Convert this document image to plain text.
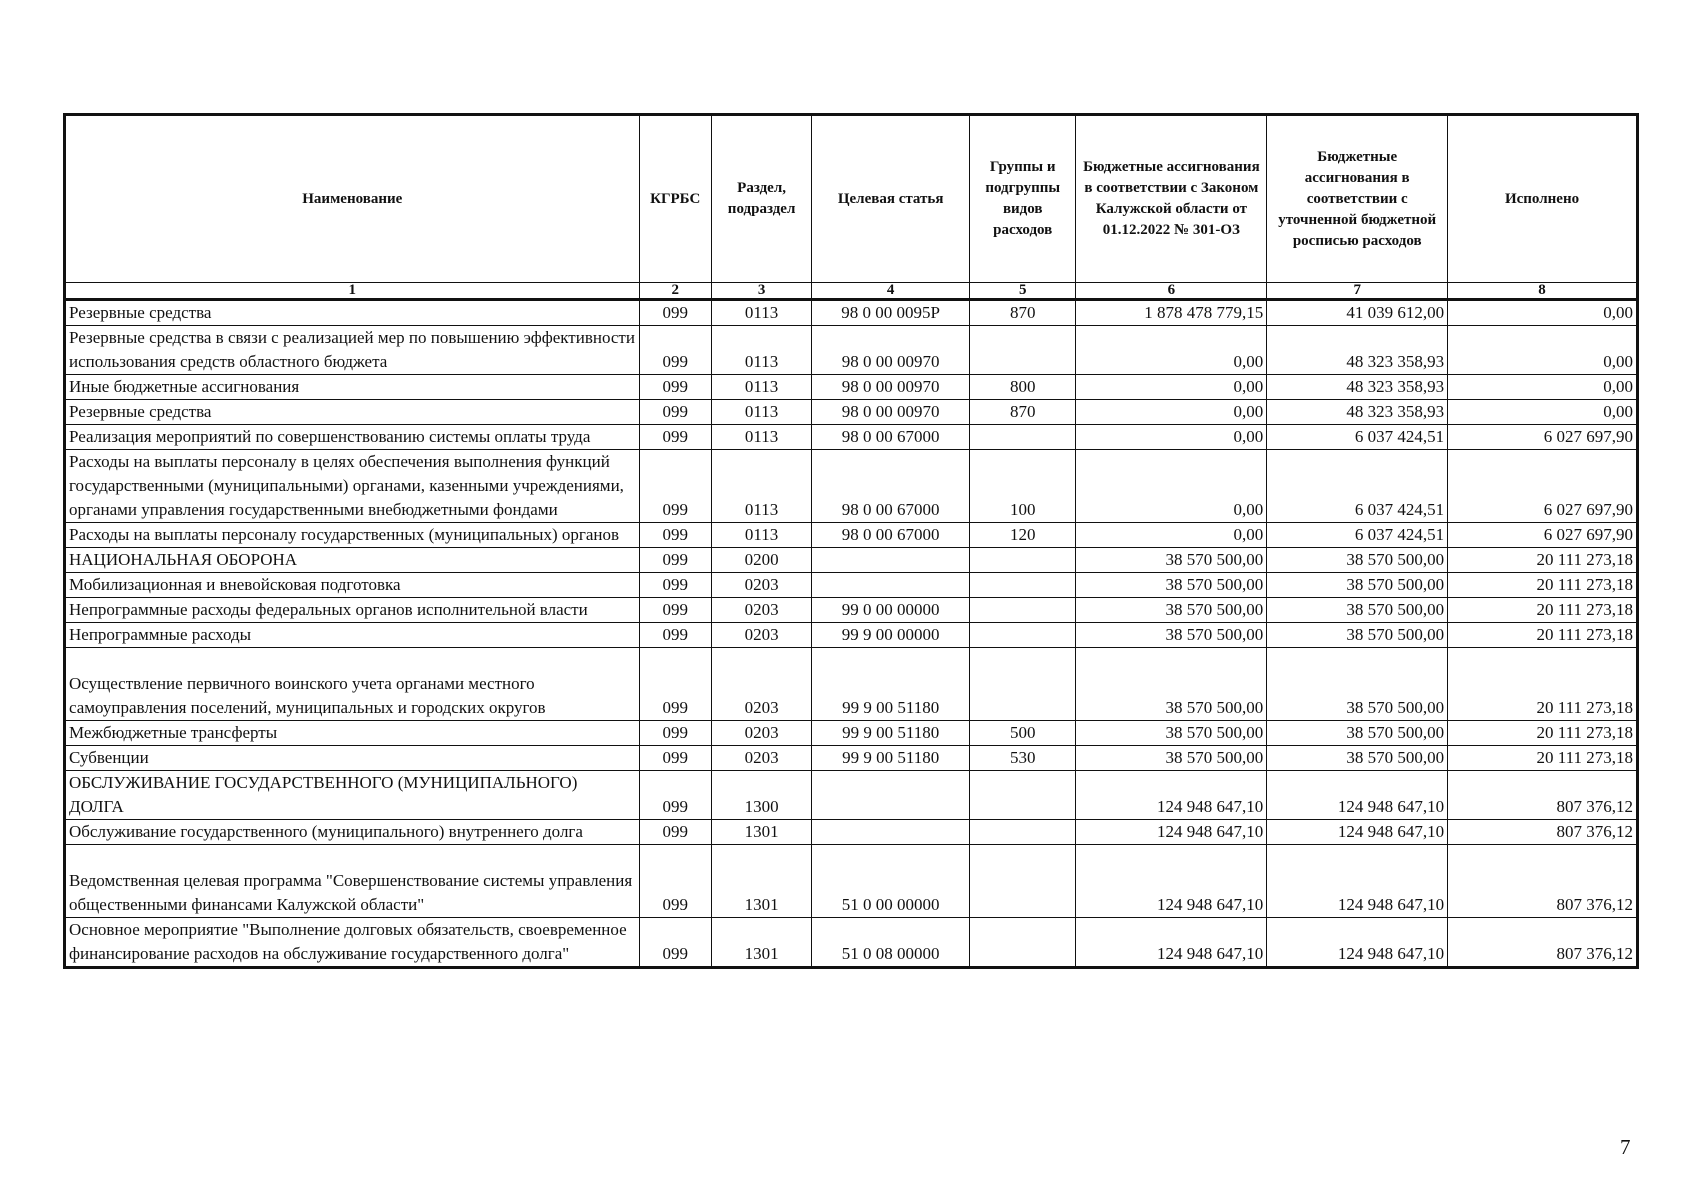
Наименование	КГРБС	Раздел, подраздел	Целевая статья	Группы и подгруппы видов расходов	Бюджетные ассигнования в соответствии с Законом Калужской области от 01.12.2022 № 301-ОЗ	Бюджетные ассигнования в соответствии с уточненной бюджетной росписью расходов	Исполнено
1	2	3	4	5	6	7	8
Резервные средства	099	0113	98 0 00 0095Р	870	1 878 478 779,15	41 039 612,00	0,00
Резервные средства в связи с реализацией мер по повышению эффективности использования средств областного бюджета	099	0113	98 0 00 00970		0,00	48 323 358,93	0,00
Иные бюджетные ассигнования	099	0113	98 0 00 00970	800	0,00	48 323 358,93	0,00
Резервные средства	099	0113	98 0 00 00970	870	0,00	48 323 358,93	0,00
Реализация мероприятий по совершенствованию системы оплаты труда	099	0113	98 0 00 67000		0,00	6 037 424,51	6 027 697,90
Расходы на выплаты персоналу в целях обеспечения выполнения функций государственными (муниципальными) органами, казенными учреждениями, органами управления государственными внебюджетными фондами	099	0113	98 0 00 67000	100	0,00	6 037 424,51	6 027 697,90
Расходы на выплаты персоналу государственных (муниципальных) органов	099	0113	98 0 00 67000	120	0,00	6 037 424,51	6 027 697,90
НАЦИОНАЛЬНАЯ ОБОРОНА	099	0200			38 570 500,00	38 570 500,00	20 111 273,18
Мобилизационная и вневойсковая подготовка	099	0203			38 570 500,00	38 570 500,00	20 111 273,18
Непрограммные расходы федеральных органов исполнительной власти	099	0203	99 0 00 00000		38 570 500,00	38 570 500,00	20 111 273,18
Непрограммные расходы	099	0203	99 9 00 00000		38 570 500,00	38 570 500,00	20 111 273,18
Осуществление первичного воинского учета органами местного самоуправления поселений, муниципальных и городских округов	099	0203	99 9 00 51180		38 570 500,00	38 570 500,00	20 111 273,18
Межбюджетные трансферты	099	0203	99 9 00 51180	500	38 570 500,00	38 570 500,00	20 111 273,18
Субвенции	099	0203	99 9 00 51180	530	38 570 500,00	38 570 500,00	20 111 273,18
ОБСЛУЖИВАНИЕ ГОСУДАРСТВЕННОГО (МУНИЦИПАЛЬНОГО) ДОЛГА	099	1300			124 948 647,10	124 948 647,10	807 376,12
Обслуживание государственного (муниципального) внутреннего долга	099	1301			124 948 647,10	124 948 647,10	807 376,12
Ведомственная целевая программа "Совершенствование системы управления общественными финансами Калужской области"	099	1301	51 0 00 00000		124 948 647,10	124 948 647,10	807 376,12
Основное мероприятие "Выполнение долговых обязательств, своевременное финансирование расходов на обслуживание государственного долга"	099	1301	51 0 08 00000		124 948 647,10	124 948 647,10	807 376,12
7
